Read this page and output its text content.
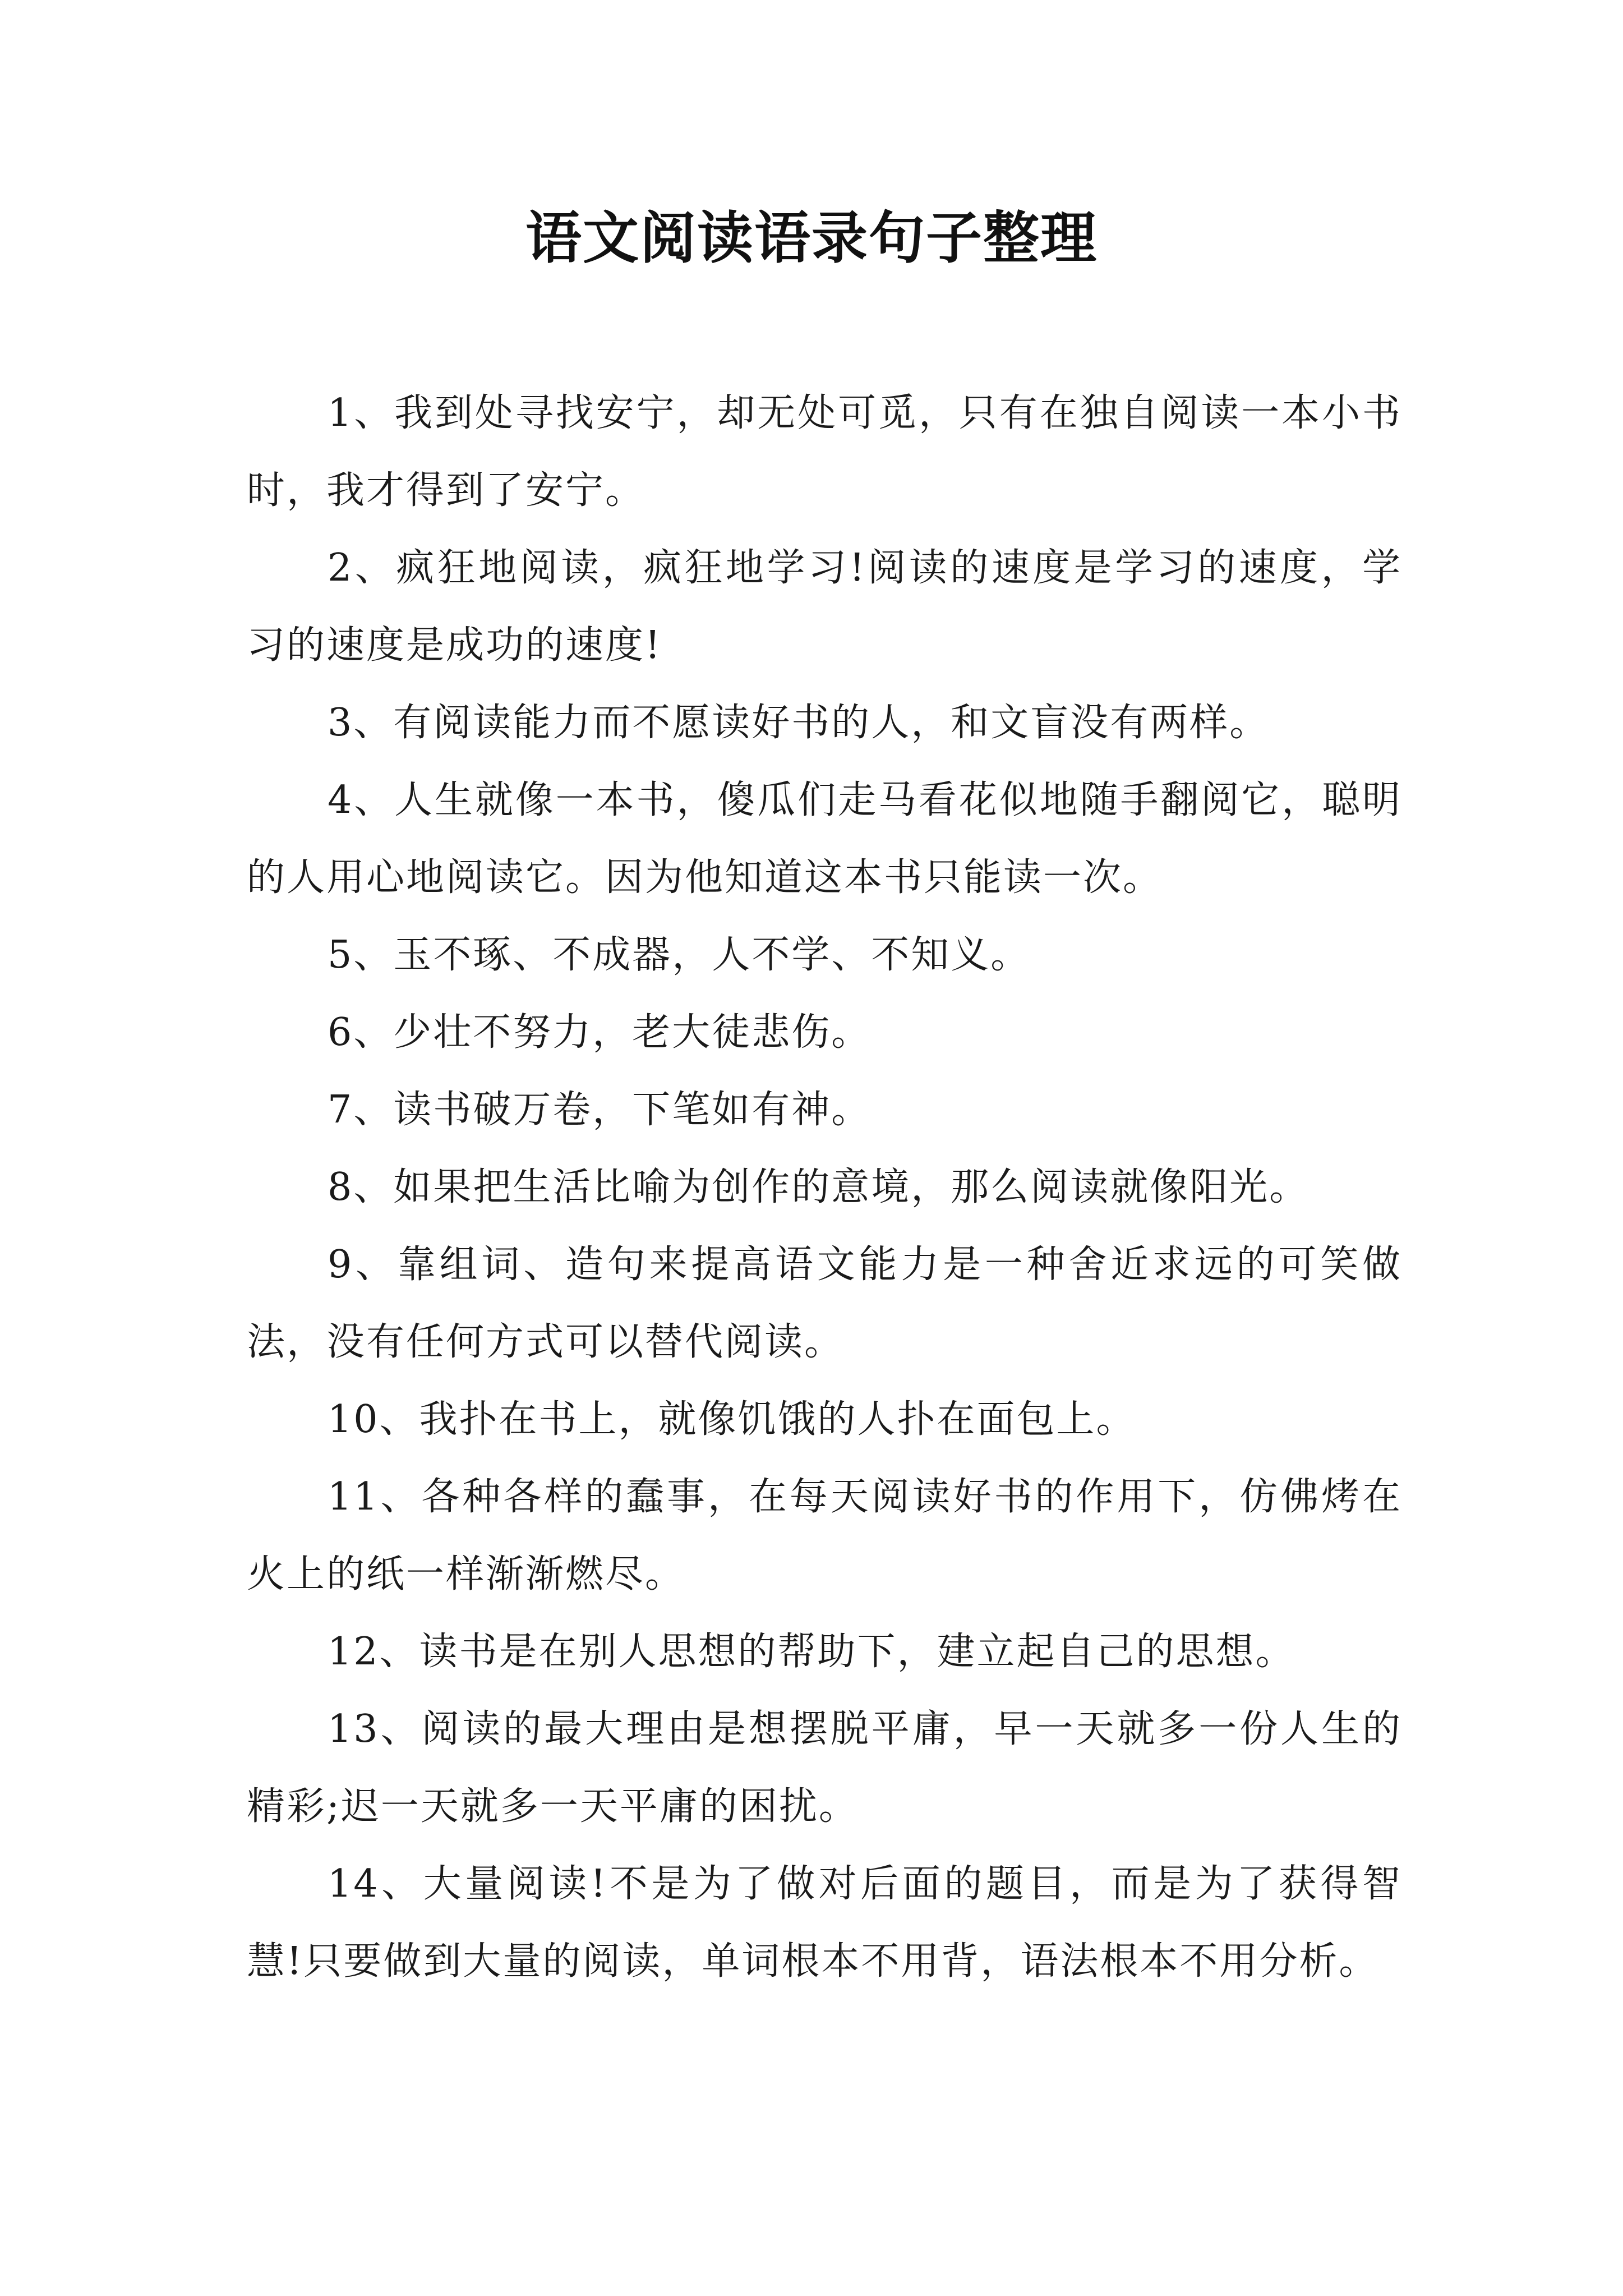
语文阅读语录句子整理

1、我到处寻找安宁，却无处可觅，只有在独自阅读一本小书时，我才得到了安宁。

2、疯狂地阅读，疯狂地学习!阅读的速度是学习的速度，学习的速度是成功的速度!

3、有阅读能力而不愿读好书的人，和文盲没有两样。

4、人生就像一本书，傻瓜们走马看花似地随手翻阅它，聪明的人用心地阅读它。因为他知道这本书只能读一次。

5、玉不琢、不成器，人不学、不知义。

6、少壮不努力，老大徒悲伤。

7、读书破万卷，下笔如有神。

8、如果把生活比喻为创作的意境，那么阅读就像阳光。

9、靠组词、造句来提高语文能力是一种舍近求远的可笑做法，没有任何方式可以替代阅读。

10、我扑在书上，就像饥饿的人扑在面包上。

11、各种各样的蠢事，在每天阅读好书的作用下，仿佛烤在火上的纸一样渐渐燃尽。

12、读书是在别人思想的帮助下，建立起自己的思想。

13、阅读的最大理由是想摆脱平庸，早一天就多一份人生的精彩;迟一天就多一天平庸的困扰。

14、大量阅读!不是为了做对后面的题目，而是为了获得智慧!只要做到大量的阅读，单词根本不用背，语法根本不用分析。
